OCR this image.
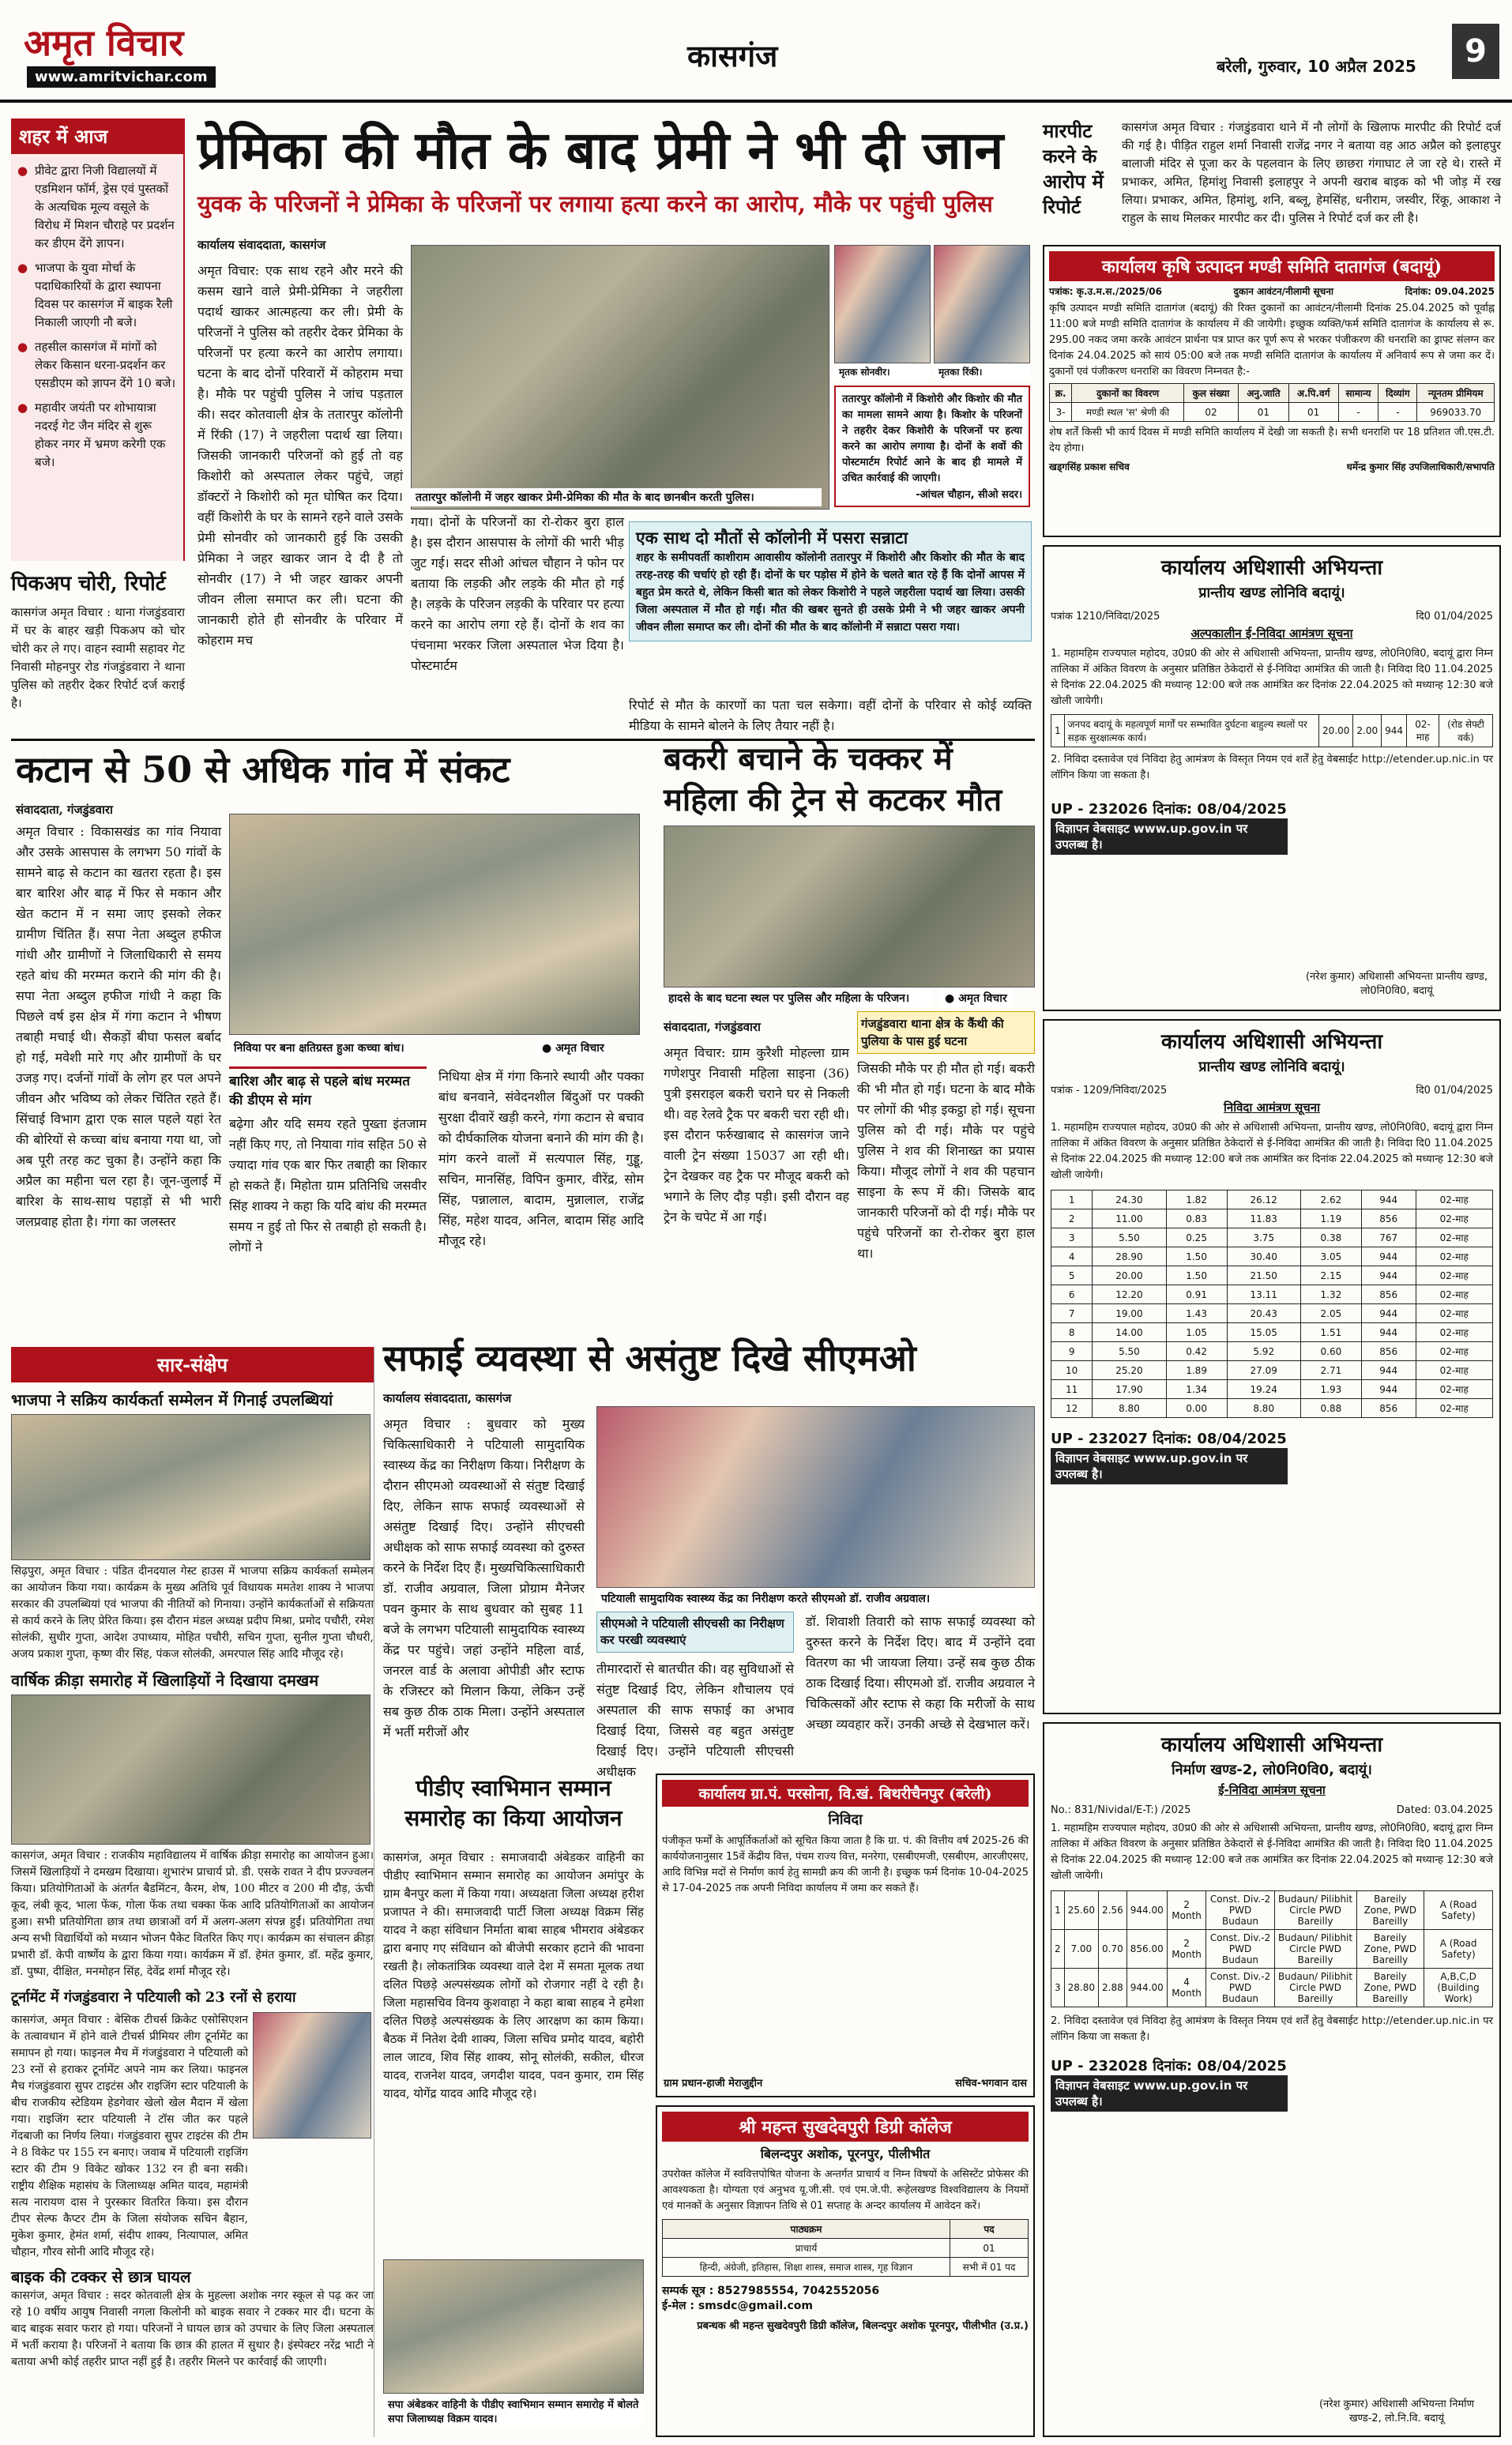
अमृत विचार
www.amritvichar.com
कासगंज	बरेली, गुरुवार, 10 अप्रैल 2025	9
शहर में आज
● प्रीवेट द्वारा निजी विद्यालयों में एडमिशन फॉर्म, ड्रेस एवं पुस्तकों के अत्यधिक मूल्य वसूले के विरोध में मिशन चौराहे पर प्रदर्शन कर डीएम देंगे ज्ञापन।
● भाजपा के युवा मोर्चा के पदाधिकारियों के द्वारा स्थापना दिवस पर कासगंज में बाइक रैली निकाली जाएगी नौ बजे।
● तहसील कासगंज में मांगों को लेकर किसान धरना-प्रदर्शन कर एसडीएम को ज्ञापन देंगे 10 बजे।
● महावीर जयंती पर शोभायात्रा नदरई गेट जैन मंदिर से शुरू होकर नगर में भ्रमण करेगी एक बजे।
पिकअप चोरी, रिपोर्ट
कासगंज अमृत विचार : थाना गंजडुंडवारा में घर के बाहर खड़ी पिकअप को चोर चोरी कर ले गए। वाहन स्वामी सहावर गेट निवासी मोहनपुर रोड गंजडुंडवारा ने थाना पुलिस को तहरीर देकर रिपोर्ट दर्ज कराई है।
प्रेमिका की मौत के बाद प्रेमी ने भी दी जान
युवक के परिजनों ने प्रेमिका के परिजनों पर लगाया हत्या करने का आरोप, मौके पर पहुंची पुलिस
कार्यालय संवाददाता, कासगंज
अमृत विचार: एक साथ रहने और मरने की कसम खाने वाले प्रेमी-प्रेमिका ने जहरीला पदार्थ खाकर आत्महत्या कर ली। प्रेमी के परिजनों ने पुलिस को तहरीर देकर प्रेमिका के परिजनों पर हत्या करने का आरोप लगाया। घटना के बाद दोनों परिवारों में कोहराम मचा है। मौके पर पहुंची पुलिस ने जांच पड़ताल की। सदर कोतवाली क्षेत्र के ततारपुर कॉलोनी में रिंकी (17) ने जहरीला पदार्थ खा लिया। जिसकी जानकारी परिजनों को हुई तो वह किशोरी को अस्पताल लेकर पहुंचे, जहां डॉक्टरों ने किशोरी को मृत घोषित कर दिया। वहीं किशोरी के घर के सामने रहने वाले उसके प्रेमी सोनवीर को जानकारी हुई कि उसकी प्रेमिका ने जहर खाकर जान दे दी है तो सोनवीर (17) ने भी जहर खाकर अपनी जीवन लीला समाप्त कर ली। घटना की जानकारी होते ही सोनवीर के परिवार में कोहराम मच
ततारपुर कॉलोनी में जहर खाकर प्रेमी-प्रेमिका की मौत के बाद छानबीन करती पुलिस।
मृतक सोनवीर।	मृतका रिंकी।
ततारपुर कॉलोनी में किशोरी और किशोर की मौत का मामला सामने आया है। किशोर के परिजनों ने तहरीर देकर किशोरी के परिजनों पर हत्या करने का आरोप लगाया है। दोनों के शवों की पोस्टमार्टम रिपोर्ट आने के बाद ही मामले में उचित कार्रवाई की जाएगी।
-आंचल चौहान, सीओ सदर।
गया। दोनों के परिजनों का रो-रोकर बुरा हाल है। इस दौरान आसपास के लोगों की भारी भीड़ जुट गई। सदर सीओ आंचल चौहान ने फोन पर बताया कि लड़की और लड़के की मौत हो गई है। लड़के के परिजन लड़की के परिवार पर हत्या करने का आरोप लगा रहे हैं। दोनों के शव का पंचनामा भरकर जिला अस्पताल भेज दिया है। पोस्टमार्टम
एक साथ दो मौतों से कॉलोनी में पसरा सन्नाटा
शहर के समीपवर्ती काशीराम आवासीय कॉलोनी ततारपुर में किशोरी और किशोर की मौत के बाद तरह-तरह की चर्चाएं हो रही हैं। दोनों के घर पड़ोस में होने के चलते बात रहे हैं कि दोनों आपस में बहुत प्रेम करते थे, लेकिन किसी बात को लेकर किशोरी ने पहले जहरीला पदार्थ खा लिया। उसकी जिला अस्पताल में मौत हो गई। मौत की खबर सुनते ही उसके प्रेमी ने भी जहर खाकर अपनी जीवन लीला समाप्त कर ली। दोनों की मौत के बाद कॉलोनी में सन्नाटा पसरा गया।
रिपोर्ट से मौत के कारणों का पता चल सकेगा। वहीं दोनों के परिवार से कोई व्यक्ति मीडिया के सामने बोलने के लिए तैयार नहीं है।
मारपीट करने के आरोप में रिपोर्ट
कासगंज अमृत विचार : गंजडुंडवारा थाने में नौ लोगों के खिलाफ मारपीट की रिपोर्ट दर्ज की गई है। पीड़ित राहुल शर्मा निवासी राजेंद्र नगर ने बताया वह आठ अप्रैल को इलाहपुर बालाजी मंदिर से पूजा कर के पहलवान के लिए छाछरा गंगाघाट ले जा रहे थे। रास्ते में प्रभाकर, अमित, हिमांशु निवासी इलाहपुर ने अपनी खराब बाइक को भी जोड़ में रख लिया। प्रभाकर, अमित, हिमांशु, शनि, बब्लू, हेमसिंह, धनीराम, जस्वीर, रिंकू, आकाश ने राहुल के साथ मिलकर मारपीट कर दी। पुलिस ने रिपोर्ट दर्ज कर ली है।
कार्यालय कृषि उत्पादन मण्डी समिति दातागंज (बदायूं)
पत्रांक: कृ.उ.म.स./2025/06	दुकान आवंटन/नीलामी सूचना	दिनांक: 09.04.2025
कृषि उत्पादन मण्डी समिति दातागंज (बदायूं) की रिक्त दुकानों का आवंटन/नीलामी दिनांक 25.04.2025 को पूर्वाह्न 11:00 बजे मण्डी समिति दातागंज के कार्यालय में की जायेगी। इच्छुक व्यक्ति/फर्म समिति दातागंज के कार्यालय से रू. 295.00 नकद जमा करके आवंटन प्रार्थना पत्र प्राप्त कर पूर्ण रूप से भरकर पंजीकरण की धनराशि का ड्राफ्ट संलग्न कर दिनांक 24.04.2025 को सायं 05:00 बजे तक मण्डी समिति दातागंज के कार्यालय में अनिवार्य रूप से जमा कर दें। दुकानों एवं पंजीकरण धनराशि का विवरण निम्नवत है:-
क्र.	दुकानों का विवरण	कुल संख्या	अनु.जाति	अ.पि.वर्ग	सामान्य	दिव्यांग	न्यूनतम प्रीमियम
3-	मण्डी स्थल 'स' श्रेणी की	02	01	01	-	-	969033.70
शेष शर्तें किसी भी कार्य दिवस में मण्डी समिति कार्यालय में देखी जा सकती है। सभी धनराशि पर 18 प्रतिशत जी.एस.टी. देय होगा।
खड्गसिंह प्रकाश सचिव	धर्मेन्द्र कुमार सिंह उपजिलाधिकारी/सभापति
कटान से 50 से अधिक गांव में संकट
संवाददाता, गंजडुंडवारा
अमृत विचार : विकासखंड का गांव नियावा और उसके आसपास के लगभग 50 गांवों के सामने बाढ़ से कटान का खतरा रहता है। इस बार बारिश और बाढ़ में फिर से मकान और खेत कटान में न समा जाए इसको लेकर ग्रामीण चिंतित हैं। सपा नेता अब्दुल हफीज गांधी और ग्रामीणों ने जिलाधिकारी से समय रहते बांध की मरम्मत कराने की मांग की है। सपा नेता अब्दुल हफीज गांधी ने कहा कि पिछले वर्ष इस क्षेत्र में गंगा कटान ने भीषण तबाही मचाई थी। सैकड़ों बीघा फसल बर्बाद हो गई, मवेशी मारे गए और ग्रामीणों के घर उजड़ गए। दर्जनों गांवों के लोग हर पल अपने जीवन और भविष्य को लेकर चिंतित रहते हैं। सिंचाई विभाग द्वारा एक साल पहले यहां रेत की बोरियों से कच्चा बांध बनाया गया था, जो अब पूरी तरह कट चुका है। उन्होंने कहा कि अप्रैल का महीना चल रहा है। जून-जुलाई में बारिश के साथ-साथ पहाड़ों से भी भारी जलप्रवाह होता है। गंगा का जलस्तर
निविया पर बना क्षतिग्रस्त हुआ कच्चा बांध।	● अमृत विचार
बारिश और बाढ़ से पहले बांध मरम्मत की डीएम से मांग
बढ़ेगा और यदि समय रहते पुख्ता इंतजाम नहीं किए गए, तो नियावा गांव सहित 50 से ज्यादा गांव एक बार फिर तबाही का शिकार हो सकते हैं। मिहोता ग्राम प्रतिनिधि जसवीर सिंह शाक्य ने कहा कि यदि बांध की मरम्मत समय न हुई तो फिर से तबाही हो सकती है। लोगों ने
निधिया क्षेत्र में गंगा किनारे स्थायी और पक्का बांध बनवाने, संवेदनशील बिंदुओं पर पक्की सुरक्षा दीवारें खड़ी करने, गंगा कटान से बचाव को दीर्घकालिक योजना बनाने की मांग की है। मांग करने वालों में सत्यपाल सिंह, गुड्डू, सचिन, मानसिंह, विपिन कुमार, वीरेंद्र, सोम सिंह, पन्नालाल, बादाम, मुन्नालाल, राजेंद्र सिंह, महेश यादव, अनिल, बादाम सिंह आदि मौजूद रहे।
बकरी बचाने के चक्कर में महिला की ट्रेन से कटकर मौत
हादसे के बाद घटना स्थल पर पुलिस और महिला के परिजन।	● अमृत विचार
संवाददाता, गंजडुंडवारा	गंजडुंडवारा थाना क्षेत्र के कैंथी की पुलिया के पास हुई घटना
अमृत विचार: ग्राम कुरैशी मोहल्ला ग्राम गणेशपुर निवासी महिला साइना (36) पुत्री इसराइल बकरी चराने घर से निकली थी। वह रेलवे ट्रैक पर बकरी चरा रही थी। इस दौरान फर्रुखाबाद से कासगंज जाने वाली ट्रेन संख्या 15037 आ रही थी। ट्रेन देखकर वह ट्रैक पर मौजूद बकरी को भगाने के लिए दौड़ पड़ी। इसी दौरान वह ट्रेन के चपेट में आ गई।
जिसकी मौके पर ही मौत हो गई। बकरी की भी मौत हो गई। घटना के बाद मौके पर लोगों की भीड़ इकट्ठा हो गई। सूचना पुलिस को दी गई। मौके पर पहुंचे पुलिस ने शव की शिनाख्त का प्रयास किया। मौजूद लोगों ने शव की पहचान साइना के रूप में की। जिसके बाद जानकारी परिजनों को दी गई। मौके पर पहुंचे परिजनों का रो-रोकर बुरा हाल था।
कार्यालय अधिशासी अभियन्ता
प्रान्तीय खण्ड लोनिवि बदायूं।
पत्रांक 1210/निविदा/2025	दि0 01/04/2025
अल्पकालीन ई-निविदा आमंत्रण सूचना
1. महामहिम राज्यपाल महोदय, उ0प्र0 की ओर से अधिशासी अभियन्ता, प्रान्तीय खण्ड, लो0नि0वि0, बदायूं द्वारा निम्न तालिका में अंकित विवरण के अनुसार प्रतिष्ठित ठेकेदारों से ई-निविदा आमंत्रित की जाती है। निविदा दि0 11.04.2025 से दिनांक 22.04.2025 की मध्यान्ह 12:00 बजे तक आमंत्रित कर दिनांक 22.04.2025 को मध्यान्ह 12:30 बजे खोली जायेगी।
1	जनपद बदायूं के महत्वपूर्ण मार्गों पर सम्भावित दुर्घटना बाहुल्य स्थलों पर सड़क सुरक्षात्मक कार्य।	20.00	2.00	944	02-माह	(रोड सेफ्टी वर्क)
2. निविदा दस्तावेज एवं निविदा हेतु आमंत्रण के विस्तृत नियम एवं शर्तें हेतु वेबसाईट http://etender.up.nic.in पर लॉगिन किया जा सकता है।
UP - 232026 दिनांक: 08/04/2025
विज्ञापन वेबसाइट www.up.gov.in पर उपलब्ध है।
(नरेश कुमार) अधिशासी अभियन्ता प्रान्तीय खण्ड, लो0नि0वि0, बदायूं
कार्यालय अधिशासी अभियन्ता
प्रान्तीय खण्ड लोनिवि बदायूं।
पत्रांक - 1209/निविदा/2025	दि0 01/04/2025
निविदा आमंत्रण सूचना
1. महामहिम राज्यपाल महोदय, उ0प्र0 की ओर से अधिशासी अभियन्ता, प्रान्तीय खण्ड, लो0नि0वि0, बदायूं द्वारा निम्न तालिका में अंकित विवरण के अनुसार प्रतिष्ठित ठेकेदारों से ई-निविदा आमंत्रित की जाती है। निविदा दि0 11.04.2025 से दिनांक 22.04.2025 की मध्यान्ह 12:00 बजे तक आमंत्रित कर दिनांक 22.04.2025 को मध्यान्ह 12:30 बजे खोली जायेगी।
1	24.30	1.82	26.12	2.62	944	02-माह
2	11.00	0.83	11.83	1.19	856	02-माह
3	5.50	0.25	3.75	0.38	767	02-माह
4	28.90	1.50	30.40	3.05	944	02-माह
5	20.00	1.50	21.50	2.15	944	02-माह
6	12.20	0.91	13.11	1.32	856	02-माह
7	19.00	1.43	20.43	2.05	944	02-माह
8	14.00	1.05	15.05	1.51	944	02-माह
9	5.50	0.42	5.92	0.60	856	02-माह
10	25.20	1.89	27.09	2.71	944	02-माह
11	17.90	1.34	19.24	1.93	944	02-माह
12	8.80	0.00	8.80	0.88	856	02-माह
UP - 232027 दिनांक: 08/04/2025
विज्ञापन वेबसाइट www.up.gov.in पर उपलब्ध है।
सार-संक्षेप
भाजपा ने सक्रिय कार्यकर्ता सम्मेलन में गिनाई उपलब्धियां
सिढ़पुरा, अमृत विचार : पंडित दीनदयाल गेस्ट हाउस में भाजपा सक्रिय कार्यकर्ता सम्मेलन का आयोजन किया गया। कार्यक्रम के मुख्य अतिथि पूर्व विधायक ममतेश शाक्य ने भाजपा सरकार की उपलब्धियां एवं भाजपा की नीतियों को गिनाया। उन्होंने कार्यकर्ताओं से सक्रियता से कार्य करने के लिए प्रेरित किया। इस दौरान मंडल अध्यक्ष प्रदीप मिश्रा, प्रमोद पचौरी, रमेश सोलंकी, सुधीर गुप्ता, आदेश उपाध्याय, मोहित पचौरी, सचिन गुप्ता, सुनील गुप्ता चौधरी, अजय प्रकाश गुप्ता, कृष्ण वीर सिंह, पंकज सोलंकी, अमरपाल सिंह आदि मौजूद रहे।
वार्षिक क्रीड़ा समारोह में खिलाड़ियों ने दिखाया दमखम
कासगंज, अमृत विचार : राजकीय महाविद्यालय में वार्षिक क्रीड़ा समारोह का आयोजन हुआ। जिसमें खिलाड़ियों ने दमखम दिखाया। शुभारंभ प्राचार्य प्रो. डी. एसके रावत ने दीप प्रज्ज्वलन किया। प्रतियोगिताओं के अंतर्गत बैडमिंटन, कैरम, शेष, 100 मीटर व 200 मी दौड़, ऊंची कूद, लंबी कूद, भाला फेंक, गोला फेंक तथा चक्का फेंक आदि प्रतियोगिताओं का आयोजन हुआ। सभी प्रतियोगिता छात्र तथा छात्राओं वर्ग में अलग-अलग संपन्न हुईं। प्रतियोगिता तथा अन्य सभी विद्यार्थियों को मध्यान भोजन पैकेट वितरित किए गए। कार्यक्रम का संचालन क्रीड़ा प्रभारी डॉ. केपी वार्ष्णेय के द्वारा किया गया। कार्यक्रम में डॉ. हेमंत कुमार, डॉ. महेंद्र कुमार, डॉ. पुष्पा, दीक्षित, मनमोहन सिंह, देवेंद्र शर्मा मौजूद रहे।
टूर्नामेंट में गंजडुंडवारा ने पटियाली को 23 रनों से हराया
कासगंज, अमृत विचार : बेसिक टीचर्स क्रिकेट एसोसिएशन के तत्वावधान में होने वाले टीचर्स प्रीमियर लीग टूर्नामेंट का समापन हो गया। फाइनल मैच में गंजडुंडवारा ने पटियाली को 23 रनों से हराकर टूर्नामेंट अपने नाम कर लिया। फाइनल मैच गंजडुंडवारा सुपर टाइटंस और राइजिंग स्टार पटियाली के बीच राजकीय स्टेडियम हेडगेवार खेलो खेल मैदान में खेला गया। राइजिंग स्टार पटियाली ने टॉस जीत कर पहले गेंदबाजी का निर्णय लिया। गंजडुंडवारा सुपर टाइटंस की टीम ने 8 विकेट पर 155 रन बनाए। जवाब में पटियाली राइजिंग स्टार की टीम 9 विकेट खोकर 132 रन ही बना सकी। राष्ट्रीय शैक्षिक महासंघ के जिलाध्यक्ष अमित यादव, महामंत्री सत्य नारायण दास ने पुरस्कार वितरित किया। इस दौरान टीपर सेल्फ कैप्टर टीम के जिला संयोजक सचिन बैहान, मुकेश कुमार, हेमंत शर्मा, संदीप शाक्य, नित्यापाल, अमित चौहान, गौरव सोनी आदि मौजूद रहे।
बाइक की टक्कर से छात्र घायल
कासगंज, अमृत विचार : सदर कोतवाली क्षेत्र के मुहल्ला अशोक नगर स्कूल से पढ़ कर जा रहे 10 वर्षीय आयुष निवासी नगला किलोनी को बाइक सवार ने टक्कर मार दी। घटना के बाद बाइक सवार फरार हो गया। परिजनों ने घायल छात्र को उपचार के लिए जिला अस्पताल में भर्ती कराया है। परिजनों ने बताया कि छात्र की हालत में सुधार है। इंस्पेक्टर नरेंद्र भाटी ने बताया अभी कोई तहरीर प्राप्त नहीं हुई है। तहरीर मिलने पर कार्रवाई की जाएगी।
सफाई व्यवस्था से असंतुष्ट दिखे सीएमओ
कार्यालय संवाददाता, कासगंज
अमृत विचार : बुधवार को मुख्य चिकित्साधिकारी ने पटियाली सामुदायिक स्वास्थ्य केंद्र का निरीक्षण किया। निरीक्षण के दौरान सीएमओ व्यवस्थाओं से संतुष्ट दिखाई दिए, लेकिन साफ सफाई व्यवस्थाओं से असंतुष्ट दिखाई दिए। उन्होंने सीएचसी अधीक्षक को साफ सफाई व्यवस्था को दुरुस्त करने के निर्देश दिए हैं। मुख्यचिकित्साधिकारी डॉ. राजीव अग्रवाल, जिला प्रोग्राम मैनेजर पवन कुमार के साथ बुधवार को सुबह 11 बजे के लगभग पटियाली सामुदायिक स्वास्थ्य केंद्र पर पहुंचे। जहां उन्होंने महिला वार्ड, जनरल वार्ड के अलावा ओपीडी और स्टाफ के रजिस्टर को मिलान किया, लेकिन उन्हें सब कुछ ठीक ठाक मिला। उन्होंने अस्पताल में भर्ती मरीजों और
पटियाली सामुदायिक स्वास्थ्य केंद्र का निरीक्षण करते सीएमओ डॉ. राजीव अग्रवाल।
सीएमओ ने पटियाली सीएचसी का निरीक्षण कर परखी व्यवस्थाएं
तीमारदारों से बातचीत की। वह सुविधाओं से संतुष्ट दिखाई दिए, लेकिन शौचालय एवं अस्पताल की साफ सफाई का अभाव दिखाई दिया, जिससे वह बहुत असंतुष्ट दिखाई दिए। उन्होंने पटियाली सीएचसी अधीक्षक
डॉ. शिवाशी तिवारी को साफ सफाई व्यवस्था को दुरुस्त करने के निर्देश दिए। बाद में उन्होंने दवा वितरण का भी जायजा लिया। उन्हें सब कुछ ठीक ठाक दिखाई दिया। सीएमओ डॉ. राजीव अग्रवाल ने चिकित्सकों और स्टाफ से कहा कि मरीजों के साथ अच्छा व्यवहार करें। उनकी अच्छे से देखभाल करें।
पीडीए स्वाभिमान सम्मान समारोह का किया आयोजन
कासगंज, अमृत विचार : समाजवादी अंबेडकर वाहिनी का पीडीए स्वाभिमान सम्मान समारोह का आयोजन अमांपुर के ग्राम बैनपुर कला में किया गया। अध्यक्षता जिला अध्यक्ष हरीश प्रजापत ने की। समाजवादी पार्टी जिला अध्यक्ष विक्रम सिंह यादव ने कहा संविधान निर्माता बाबा साहब भीमराव अंबेडकर द्वारा बनाए गए संविधान को बीजेपी सरकार हटाने की भावना रखती है। लोकतांत्रिक व्यवस्था वाले देश में समता मूलक तथा दलित पिछड़े अल्पसंख्यक लोगों को रोजगार नहीं दे रही है। जिला महासचिव विनय कुशवाहा ने कहा बाबा साहब ने हमेशा दलित पिछड़े अल्पसंख्यक के लिए आरक्षण का काम किया। बैठक में नितेश देवी शाक्य, जिला सचिव प्रमोद यादव, बहोरी लाल जाटव, शिव सिंह शाक्य, सोनू सोलंकी, सकील, धीरज यादव, राजनेश यादव, जगदीश यादव, पवन कुमार, राम सिंह यादव, योगेंद्र यादव आदि मौजूद रहे।
सपा अंबेडकर वाहिनी के पीडीए स्वाभिमान सम्मान समारोह में बोलते सपा जिलाध्यक्ष विक्रम यादव।
कार्यालय ग्रा.पं. परसोना, वि.खं. बिथरीचैनपुर (बरेली)
निविदा
पंजीकृत फर्मों के आपूर्तिकर्ताओं को सूचित किया जाता है कि ग्रा. पं. की वित्तीय वर्ष 2025-26 की कार्ययोजनानुसार 15वें केंद्रीय वित्त, पंचम राज्य वित्त, मनरेगा, एसबीएमजी, एसबीएम, आरजीएसए, आदि विभिन्न मदों से निर्माण कार्य हेतु सामग्री क्रय की जानी है। इच्छुक फर्म दिनांक 10-04-2025 से 17-04-2025 तक अपनी निविदा कार्यालय में जमा कर सकते हैं।
ग्राम प्रधान-हाजी मेराजुद्दीन	सचिव-भगवान दास
श्री महन्त सुखदेवपुरी डिग्री कॉलेज
बिलन्दपुर अशोक, पूरनपुर, पीलीभीत
उपरोक्त कॉलेज में स्ववित्तपोषित योजना के अन्तर्गत प्राचार्य व निम्न विषयों के असिस्टेंट प्रोफेसर की आवश्यकता है। योग्यता एवं अनुभव यू.जी.सी. एवं एम.जे.पी. रूहेलखण्ड विश्वविद्यालय के नियमों एवं मानकों के अनुसार विज्ञापन तिथि से 01 सप्ताह के अन्दर कार्यालय में आवेदन करें।
पाठ्यक्रम	पद
प्राचार्य	01
हिन्दी, अंग्रेजी, इतिहास, शिक्षा शास्त्र, समाज शास्त्र, गृह विज्ञान	सभी में 01 पद
सम्पर्क सूत्र : 8527985554, 7042552056
ई-मेल : smsdc@gmail.com
प्रबन्धक श्री महन्त सुखदेवपुरी डिग्री कॉलेज, बिलन्दपुर अशोक पूरनपुर, पीलीभीत (उ.प्र.)
कार्यालय अधिशासी अभियन्ता
निर्माण खण्ड-2, लो0नि0वि0, बदायूं।
ई-निविदा आमंत्रण सूचना
No.: 831/Nividal/E-T:) /2025	Dated: 03.04.2025
1. महामहिम राज्यपाल महोदय, उ0प्र0 की ओर से अधिशासी अभियन्ता, प्रान्तीय खण्ड, लो0नि0वि0, बदायूं द्वारा निम्न तालिका में अंकित विवरण के अनुसार प्रतिष्ठित ठेकेदारों से ई-निविदा आमंत्रित की जाती है। निविदा दि0 11.04.2025 से दिनांक 22.04.2025 की मध्यान्ह 12:00 बजे तक आमंत्रित कर दिनांक 22.04.2025 को मध्यान्ह 12:30 बजे खोली जायेगी।
1	25.60	2.56	944.00	2 Month	Const. Div.-2 PWD Budaun	Budaun/ Pilibhit Circle PWD Bareilly	Bareily Zone, PWD Bareilly	A (Road Safety)
2	7.00	0.70	856.00	2 Month	Const. Div.-2 PWD Budaun	Budaun/ Pilibhit Circle PWD Bareilly	Bareily Zone, PWD Bareilly	A (Road Safety)
3	28.80	2.88	944.00	4 Month	Const. Div.-2 PWD Budaun	Budaun/ Pilibhit Circle PWD Bareilly	Bareily Zone, PWD Bareilly	A,B,C,D (Building Work)
2. निविदा दस्तावेज एवं निविदा हेतु आमंत्रण के विस्तृत नियम एवं शर्तें हेतु वेबसाईट http://etender.up.nic.in पर लॉगिन किया जा सकता है।
UP - 232028 दिनांक: 08/04/2025
विज्ञापन वेबसाइट www.up.gov.in पर उपलब्ध है।
(नरेश कुमार) अधिशासी अभियन्ता निर्माण खण्ड-2, लो.नि.वि. बदायूं
